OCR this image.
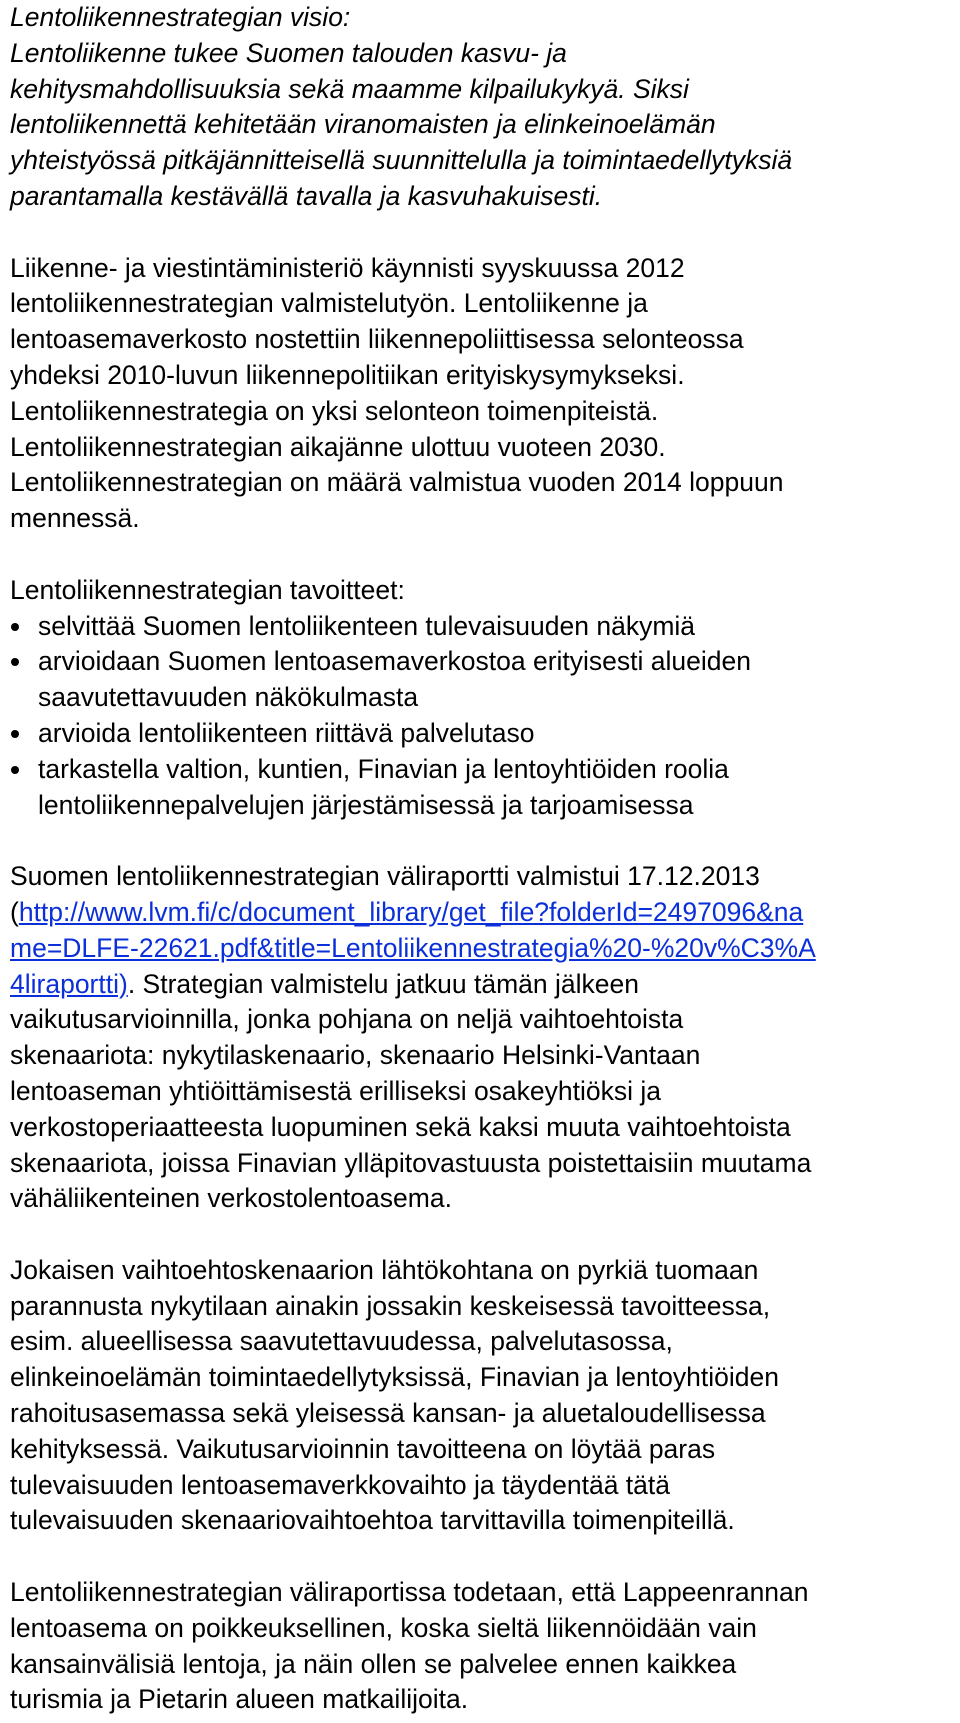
Lentoliikennestrategian visio:
Lentoliikenne tukee Suomen talouden kasvu- ja
kehitysmahdollisuuksia sekä maamme kilpailukykyä. Siksi
lentoliikennettä kehitetään viranomaisten ja elinkeinoelämän
yhteistyössä pitkäjännitteisellä suunnittelulla ja toimintaedellytyksiä
parantamalla kestävällä tavalla ja kasvuhakuisesti.
Liikenne- ja viestintäministeriö käynnisti syyskuussa 2012
lentoliikennestrategian valmistelutyön. Lentoliikenne ja
lentoasemaverkosto nostettiin liikennepoliittisessa selonteossa
yhdeksi 2010-luvun liikennepolitiikan erityiskysymykseksi.
Lentoliikennestrategia on yksi selonteon toimenpiteistä.
Lentoliikennestrategian aikajänne ulottuu vuoteen 2030.
Lentoliikennestrategian on määrä valmistua vuoden 2014 loppuun
mennessä.
Lentoliikennestrategian tavoitteet:
selvittää Suomen lentoliikenteen tulevaisuuden näkymiä
arvioidaan Suomen lentoasemaverkostoa erityisesti alueiden
saavutettavuuden näkökulmasta
arvioida lentoliikenteen riittävä palvelutaso
tarkastella valtion, kuntien, Finavian ja lentoyhtiöiden roolia
lentoliikennepalvelujen järjestämisessä ja tarjoamisessa
Suomen lentoliikennestrategian väliraportti valmistui 17.12.2013
(http://www.lvm.fi/c/document_library/get_file?folderId=2497096&na
me=DLFE-22621.pdf&title=Lentoliikennestrategia%20-%20v%C3%A
4liraportti). Strategian valmistelu jatkuu tämän jälkeen
vaikutusarvioinnilla, jonka pohjana on neljä vaihtoehtoista
skenaariota: nykytilaskenaario, skenaario Helsinki-Vantaan
lentoaseman yhtiöittämisestä erilliseksi osakeyhtiöksi ja
verkostoperiaatteesta luopuminen sekä kaksi muuta vaihtoehtoista
skenaariota, joissa Finavian ylläpitovastuusta poistettaisiin muutama
vähäliikenteinen verkostolentoasema.
Jokaisen vaihtoehtoskenaarion lähtökohtana on pyrkiä tuomaan
parannusta nykytilaan ainakin jossakin keskeisessä tavoitteessa,
esim. alueellisessa saavutettavuudessa, palvelutasossa,
elinkeinoelämän toimintaedellytyksissä, Finavian ja lentoyhtiöiden
rahoitusasemassa sekä yleisessä kansan- ja aluetaloudellisessa
kehityksessä. Vaikutusarvioinnin tavoitteena on löytää paras
tulevaisuuden lentoasemaverkkovaihto ja täydentää tätä
tulevaisuuden skenaariovaihtoehtoa tarvittavilla toimenpiteillä.
Lentoliikennestrategian väliraportissa todetaan, että Lappeenrannan
lentoasema on poikkeuksellinen, koska sieltä liikennöidään vain
kansainvälisiä lentoja, ja näin ollen se palvelee ennen kaikkea
turismia ja Pietarin alueen matkailijoita.
